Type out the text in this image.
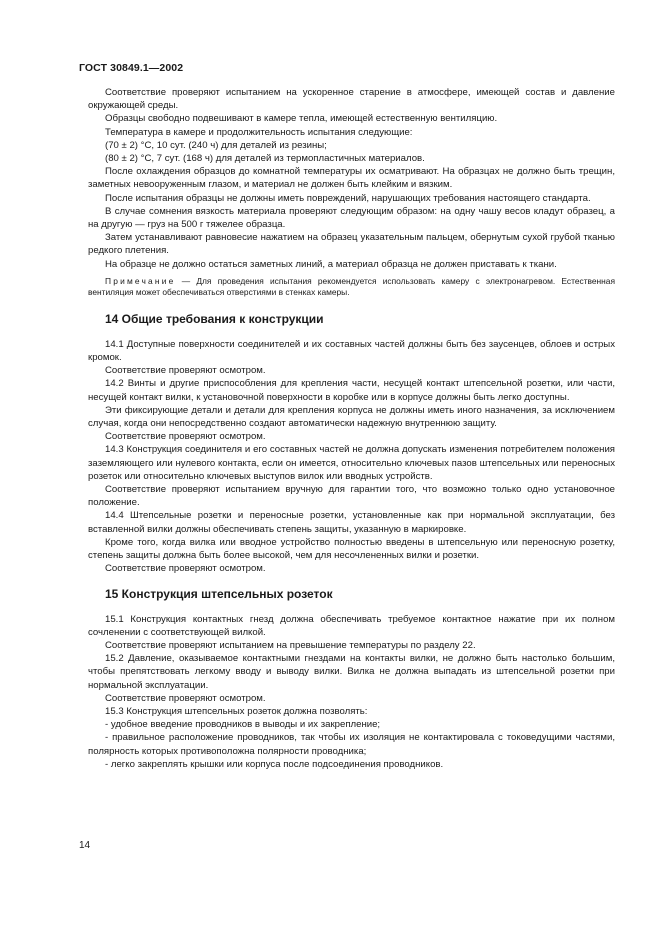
ГОСТ 30849.1—2002

Соответствие проверяют испытанием на ускоренное старение в атмосфере, имеющей состав и давление окружающей среды.

Образцы свободно подвешивают в камере тепла, имеющей естественную вентиляцию.

Температура в камере и продолжительность испытания следующие:

(70 ± 2) °С, 10 сут. (240 ч) для деталей из резины;

(80 ± 2) °С, 7 сут. (168 ч) для деталей из термопластичных материалов.

После охлаждения образцов до комнатной температуры их осматривают. На образцах не должно быть трещин, заметных невооруженным глазом, и материал не должен быть клейким и вязким.

После испытания образцы не должны иметь повреждений, нарушающих требования настоящего стандарта.

В случае сомнения вязкость материала проверяют следующим образом: на одну чашу весов кладут образец, а на другую — груз на 500 г тяжелее образца.

Затем устанавливают равновесие нажатием на образец указательным пальцем, обернутым сухой грубой тканью редкого плетения.

На образце не должно остаться заметных линий, а материал образца не должен приставать к ткани.

Примечание — Для проведения испытания рекомендуется использовать камеру с электронагревом. Естественная вентиляция может обеспечиваться отверстиями в стенках камеры.

14 Общие требования к конструкции

14.1 Доступные поверхности соединителей и их составных частей должны быть без заусенцев, облоев и острых кромок.

Соответствие проверяют осмотром.

14.2 Винты и другие приспособления для крепления части, несущей контакт штепсельной розетки, или части, несущей контакт вилки, к установочной поверхности в коробке или в корпусе должны быть легко доступны.

Эти фиксирующие детали и детали для крепления корпуса не должны иметь иного назначения, за исключением случая, когда они непосредственно создают автоматически надежную внутреннюю защиту.

Соответствие проверяют осмотром.

14.3 Конструкция соединителя и его составных частей не должна допускать изменения потребителем положения заземляющего или нулевого контакта, если он имеется, относительно ключевых пазов штепсельных или переносных розеток или относительно ключевых выступов вилок или вводных устройств.

Соответствие проверяют испытанием вручную для гарантии того, что возможно только одно установочное положение.

14.4 Штепсельные розетки и переносные розетки, установленные как при нормальной эксплуатации, без вставленной вилки должны обеспечивать степень защиты, указанную в маркировке.

Кроме того, когда вилка или вводное устройство полностью введены в штепсельную или переносную розетку, степень защиты должна быть более высокой, чем для несочлененных вилки и розетки.

Соответствие проверяют осмотром.

15 Конструкция штепсельных розеток

15.1 Конструкция контактных гнезд должна обеспечивать требуемое контактное нажатие при их полном сочленении с соответствующей вилкой.

Соответствие проверяют испытанием на превышение температуры по разделу 22.

15.2 Давление, оказываемое контактными гнездами на контакты вилки, не должно быть настолько большим, чтобы препятствовать легкому вводу и выводу вилки. Вилка не должна выпадать из штепсельной розетки при нормальной эксплуатации.

Соответствие проверяют осмотром.

15.3 Конструкция штепсельных розеток должна позволять:

- удобное введение проводников в выводы и их закрепление;

- правильное расположение проводников, так чтобы их изоляция не контактировала с токоведущими частями, полярность которых противоположна полярности проводника;

- легко закреплять крышки или корпуса после подсоединения проводников.

14
